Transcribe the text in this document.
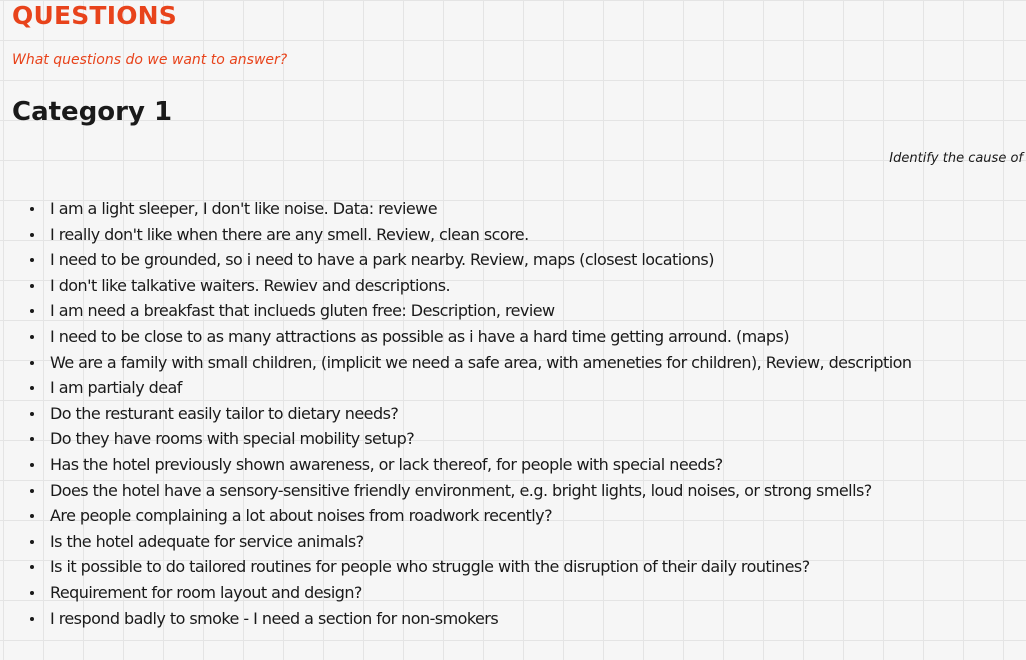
QUESTIONS
What questions do we want to answer?
Category 1
Identify the cause of
I am a light sleeper, I don't like noise. Data: reviewe
I really don't like when there are any smell. Review, clean score.
I need to be grounded, so i need to have a park nearby. Review, maps (closest locations)
I don't like talkative waiters. Rewiev and descriptions.
I am need a breakfast that inclueds gluten free: Description, review
I need to be close to as many attractions as possible as i have a hard time getting arround. (maps)
We are a family with small children, (implicit we need a safe area, with ameneties for children), Review, description
I am partialy deaf
Do the resturant easily tailor to dietary needs?
Do they have rooms with special mobility setup?
Has the hotel previously shown awareness, or lack thereof, for people with special needs?
Does the hotel have a sensory-sensitive friendly environment, e.g. bright lights, loud noises, or strong smells?
Are people complaining a lot about noises from roadwork recently?
Is the hotel adequate for service animals?
Is it possible to do tailored routines for people who struggle with the disruption of their daily routines?
Requirement for room layout and design?
I respond badly to smoke - I need a section for non-smokers
